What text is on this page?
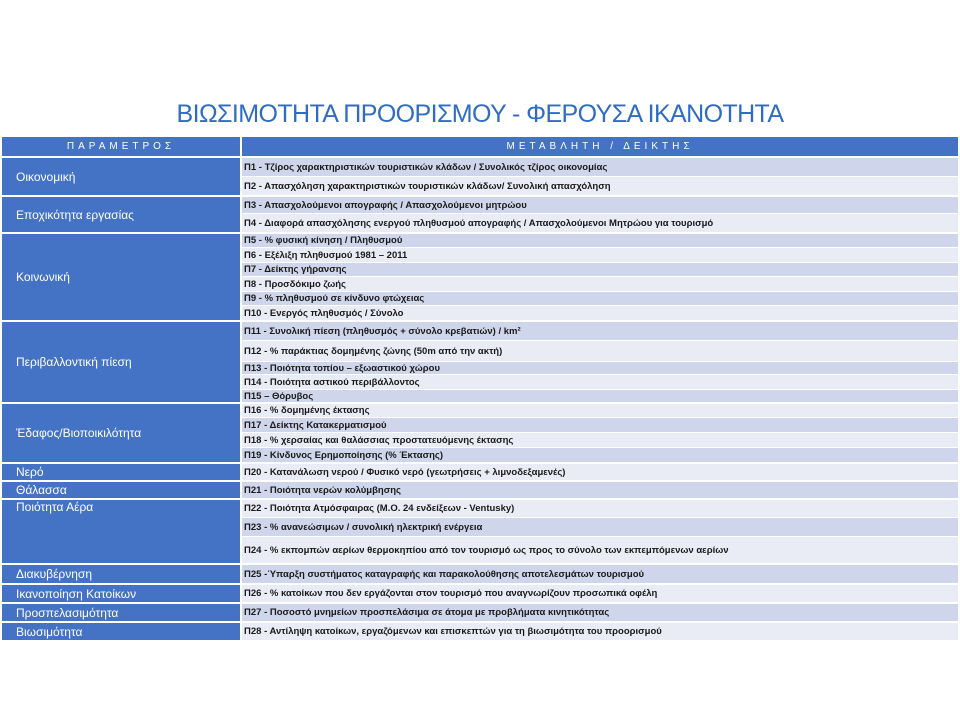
ΒΙΩΣΙΜΟΤΗΤΑ ΠΡΟΟΡΙΣΜΟΥ - ΦΕΡΟΥΣΑ ΙΚΑΝΟΤΗΤΑ
ΠΑΡΑΜΕΤΡΟΣ	ΜΕΤΑΒΛΗΤΗ / ΔΕΙΚΤΗΣ
Οικονομική
Εποχικότητα εργασίας
Κοινωνική
Περιβαλλοντική πίεση
Έδαφος/Βιοποικιλότητα
Νερό
Θάλασσα
Ποιότητα Αέρα
Διακυβέρνηση
Ικανοποίηση Κατοίκων
Προσπελασιμότητα
Βιωσιμότητα
Π1 - Τζίρος χαρακτηριστικών τουριστικών κλάδων / Συνολικός τζίρος οικονομίας
Π2 - Απασχόληση χαρακτηριστικών τουριστικών κλάδων/ Συνολική απασχόληση
Π3 - Απασχολούμενοι απογραφής / Απασχολούμενοι μητρώου
Π4 - Διαφορά απασχόλησης ενεργού πληθυσμού απογραφής / Απασχολούμενοι Μητρώου για τουρισμό
Π5 - % φυσική κίνηση / Πληθυσμού
Π6 - Εξέλιξη πληθυσμού 1981 – 2011
Π7 - Δείκτης γήρανσης
Π8 - Προσδόκιμο ζωής
Π9 - % πληθυσμού σε κίνδυνο φτώχειας
Π10 - Ενεργός πληθυσμός / Σύνολο
Π11 - Συνολική πίεση (πληθυσμός + σύνολο κρεβατιών) / km²
Π12 - % παράκτιας δομημένης ζώνης (50m από την ακτή)
Π13 - Ποιότητα τοπίου – εξωαστικού χώρου
Π14 - Ποιότητα αστικού περιβάλλοντος
Π15 – Θόρυβος
Π16 - % δομημένης έκτασης
Π17 - Δείκτης Κατακερματισμού
Π18 - % χερσαίας και θαλάσσιας προστατευόμενης έκτασης
Π19 - Κίνδυνος Ερημοποίησης (% Έκτασης)
Π20 - Κατανάλωση νερού / Φυσικό νερό (γεωτρήσεις + λιμνοδεξαμενές)
Π21 - Ποιότητα νερών κολύμβησης
Π22 - Ποιότητα Ατμόσφαιρας (Μ.Ο. 24 ενδείξεων - Ventusky)
Π23 - % ανανεώσιμων / συνολική ηλεκτρική ενέργεια
Π24 - % εκπομπών αερίων θερμοκηπίου από τον τουρισμό ως προς το σύνολο των εκπεμπόμενων αερίων
Π25 -Ύπαρξη συστήματος καταγραφής και παρακολούθησης αποτελεσμάτων τουρισμού
Π26 - % κατοίκων που δεν εργάζονται στον τουρισμό που αναγνωρίζουν προσωπικά οφέλη
Π27 - Ποσοστό μνημείων προσπελάσιμα σε άτομα με προβλήματα κινητικότητας
Π28 - Αντίληψη κατοίκων, εργαζόμενων και επισκεπτών για τη βιωσιμότητα του προορισμού
